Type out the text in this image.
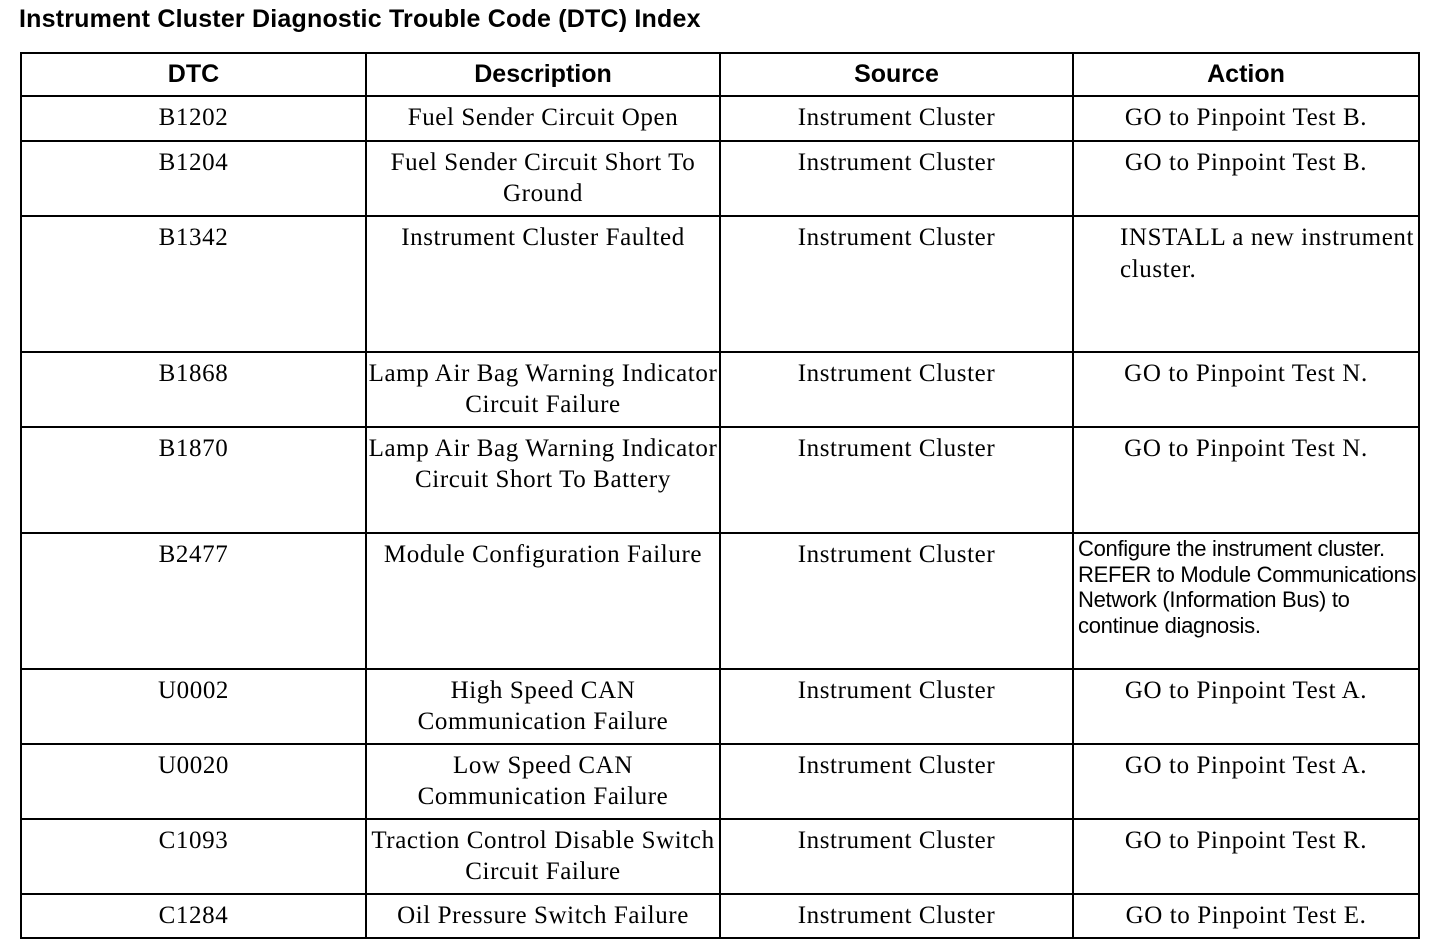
Instrument Cluster Diagnostic Trouble Code (DTC) Index
DTC	Description	Source	Action
B1202	Fuel Sender Circuit Open	Instrument Cluster	GO to Pinpoint Test B.
B1204	Fuel Sender Circuit Short To Ground	Instrument Cluster	GO to Pinpoint Test B.
B1342	Instrument Cluster Faulted	Instrument Cluster	INSTALL a new instrument cluster.
B1868	Lamp Air Bag Warning Indicator Circuit Failure	Instrument Cluster	GO to Pinpoint Test N.
B1870	Lamp Air Bag Warning Indicator Circuit Short To Battery	Instrument Cluster	GO to Pinpoint Test N.
B2477	Module Configuration Failure	Instrument Cluster	Configure the instrument cluster. REFER to Module Communications Network (Information Bus) to continue diagnosis.
U0002	High Speed CAN Communication Failure	Instrument Cluster	GO to Pinpoint Test A.
U0020	Low Speed CAN Communication Failure	Instrument Cluster	GO to Pinpoint Test A.
C1093	Traction Control Disable Switch Circuit Failure	Instrument Cluster	GO to Pinpoint Test R.
C1284	Oil Pressure Switch Failure	Instrument Cluster	GO to Pinpoint Test E.
